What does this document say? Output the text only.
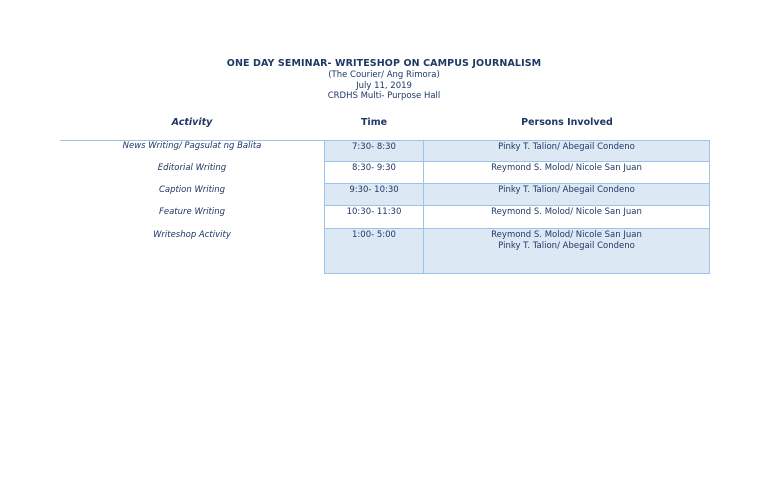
ONE DAY SEMINAR- WRITESHOP ON CAMPUS JOURNALISM
(The Courier/ Ang Rimora)
July 11, 2019
CRDHS Multi- Purpose Hall
Activity	Time	Persons Involved
News Writing/ Pagsulat ng Balita	7:30- 8:30	Pinky T. Talion/ Abegail Condeno
Editorial Writing	8:30- 9:30	Reymond S. Molod/ Nicole San Juan
Caption Writing	9:30- 10:30	Pinky T. Talion/ Abegail Condeno
Feature Writing	10:30- 11:30	Reymond S. Molod/ Nicole San Juan
Writeshop Activity	1:00- 5:00	Reymond S. Molod/ Nicole San Juan
Pinky T. Talion/ Abegail Condeno
